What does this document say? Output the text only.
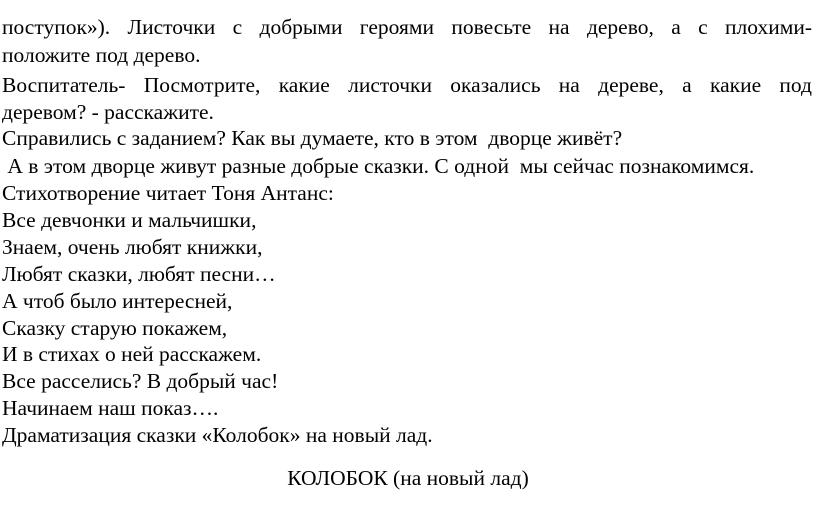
поступок»). Листочки с добрыми героями повесьте на дерево, а с плохими-
положите под дерево.
Воспитатель- Посмотрите, какие листочки оказались на дереве, а какие под
деревом? - расскажите.
Справились с заданием? Как вы думаете, кто в этом  дворце живёт?
А в этом дворце живут разные добрые сказки. С одной  мы сейчас познакомимся.
Стихотворение читает Тоня Антанс:
Все девчонки и мальчишки,
Знаем, очень любят книжки,
Любят сказки, любят песни…
А чтоб было интересней,
Сказку старую покажем,
И в стихах о ней расскажем.
Все расселись? В добрый час!
Начинаем наш показ….
Драматизация сказки «Колобок» на новый лад.
КОЛОБОК (на новый лад)
